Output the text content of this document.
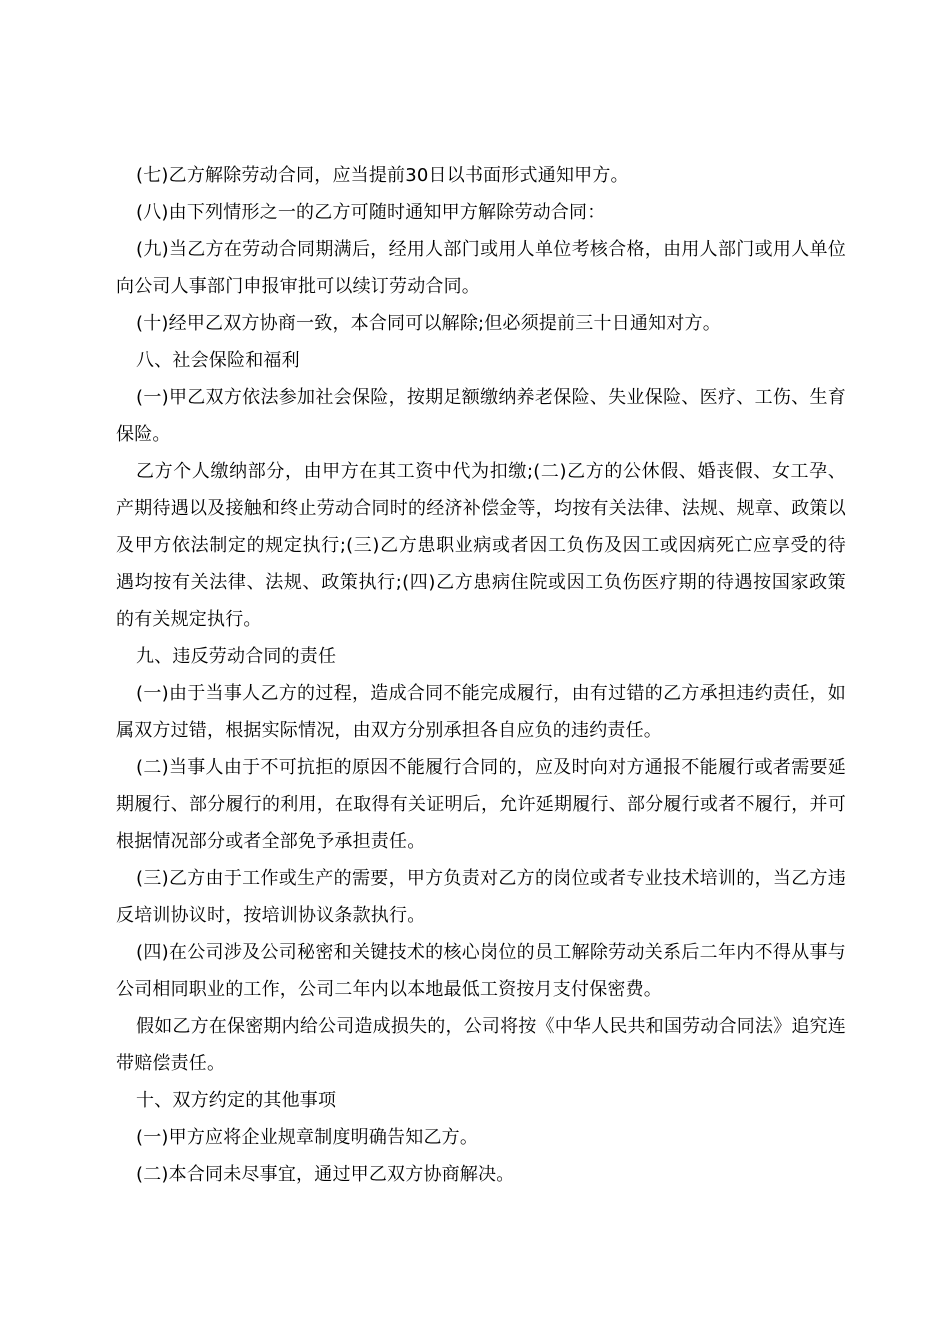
(七)乙方解除劳动合同，应当提前30日以书面形式通知甲方。

(八)由下列情形之一的乙方可随时通知甲方解除劳动合同：

(九)当乙方在劳动合同期满后，经用人部门或用人单位考核合格，由用人部门或用人单位向公司人事部门申报审批可以续订劳动合同。

(十)经甲乙双方协商一致，本合同可以解除;但必须提前三十日通知对方。

八、社会保险和福利

(一)甲乙双方依法参加社会保险，按期足额缴纳养老保险、失业保险、医疗、工伤、生育保险。

乙方个人缴纳部分，由甲方在其工资中代为扣缴;(二)乙方的公休假、婚丧假、女工孕、产期待遇以及接触和终止劳动合同时的经济补偿金等，均按有关法律、法规、规章、政策以及甲方依法制定的规定执行;(三)乙方患职业病或者因工负伤及因工或因病死亡应享受的待遇均按有关法律、法规、政策执行;(四)乙方患病住院或因工负伤医疗期的待遇按国家政策的有关规定执行。

九、违反劳动合同的责任

(一)由于当事人乙方的过程，造成合同不能完成履行，由有过错的乙方承担违约责任，如属双方过错，根据实际情况，由双方分别承担各自应负的违约责任。

(二)当事人由于不可抗拒的原因不能履行合同的，应及时向对方通报不能履行或者需要延期履行、部分履行的利用，在取得有关证明后，允许延期履行、部分履行或者不履行，并可根据情况部分或者全部免予承担责任。

(三)乙方由于工作或生产的需要，甲方负责对乙方的岗位或者专业技术培训的，当乙方违反培训协议时，按培训协议条款执行。

(四)在公司涉及公司秘密和关键技术的核心岗位的员工解除劳动关系后二年内不得从事与公司相同职业的工作，公司二年内以本地最低工资按月支付保密费。

假如乙方在保密期内给公司造成损失的，公司将按《中华人民共和国劳动合同法》追究连带赔偿责任。

十、双方约定的其他事项

(一)甲方应将企业规章制度明确告知乙方。

(二)本合同未尽事宜，通过甲乙双方协商解决。
